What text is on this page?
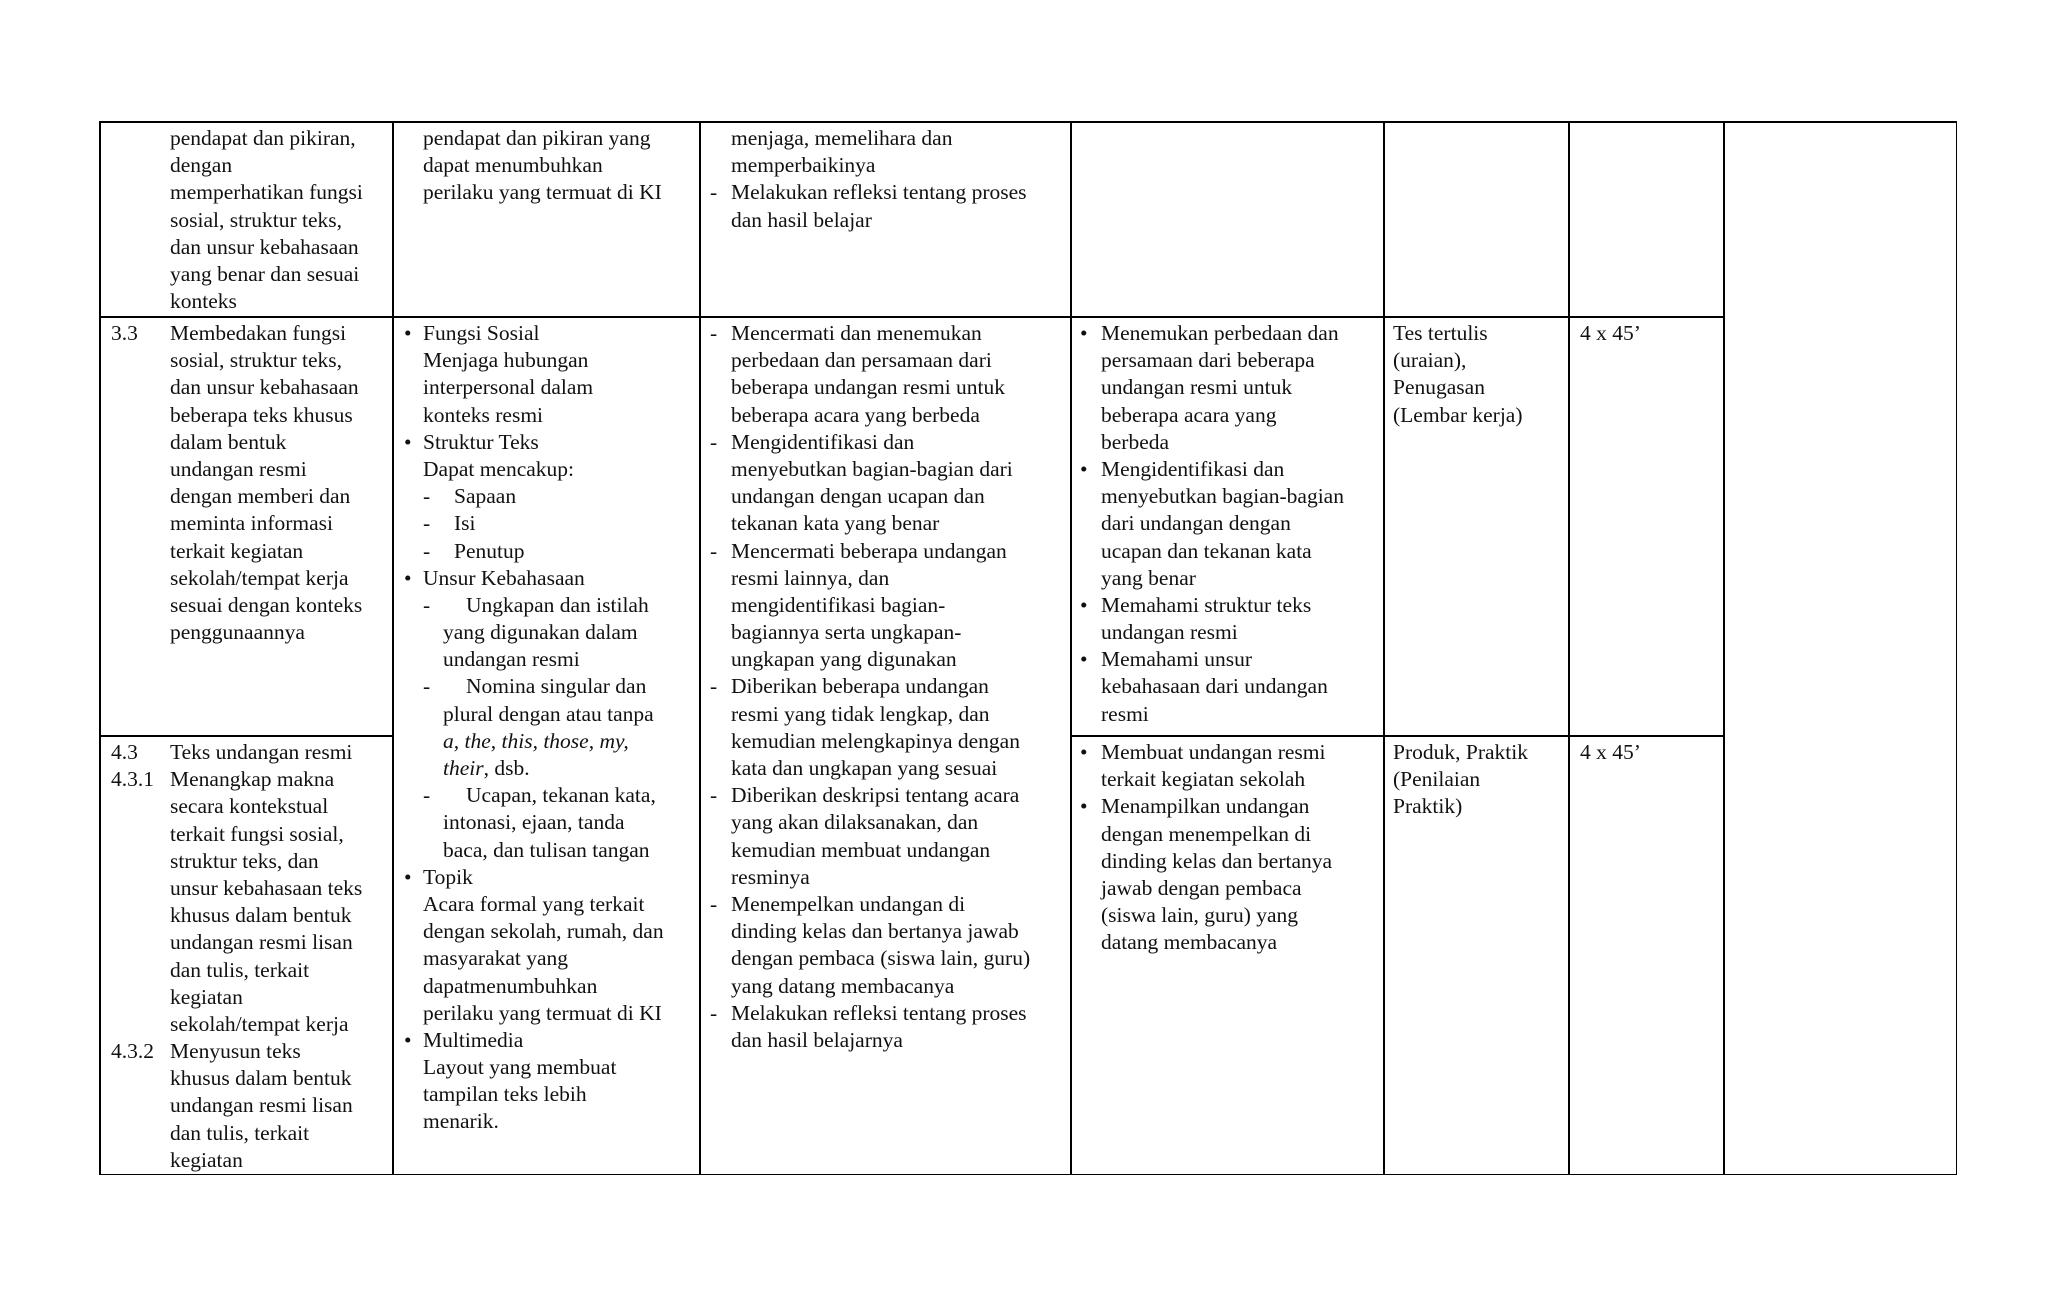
pendapat dan pikiran,
dengan
memperhatikan fungsi
sosial, struktur teks,
dan unsur kebahasaan
yang benar dan sesuai
konteks
pendapat dan pikiran yang
dapat menumbuhkan
perilaku yang termuat di KI
menjaga, memelihara dan
memperbaikinya
- Melakukan refleksi tentang proses
dan hasil belajar
3.3 Membedakan fungsi
sosial, struktur teks,
dan unsur kebahasaan
beberapa teks khusus
dalam bentuk
undangan resmi
dengan memberi dan
meminta informasi
terkait kegiatan
sekolah/tempat kerja
sesuai dengan konteks
penggunaannya
4.3 Teks undangan resmi
4.3.1 Menangkap makna
secara kontekstual
terkait fungsi sosial,
struktur teks, dan
unsur kebahasaan teks
khusus dalam bentuk
undangan resmi lisan
dan tulis, terkait
kegiatan
sekolah/tempat kerja
4.3.2 Menyusun teks
khusus dalam bentuk
undangan resmi lisan
dan tulis, terkait
kegiatan
• Fungsi Sosial
Menjaga hubungan
interpersonal dalam
konteks resmi
• Struktur Teks
Dapat mencakup:
- Sapaan
- Isi
- Penutup
• Unsur Kebahasaan
- Ungkapan dan istilah
yang digunakan dalam
undangan resmi
- Nomina singular dan
plural dengan atau tanpa
a, the, this, those, my,
their, dsb.
- Ucapan, tekanan kata,
intonasi, ejaan, tanda
baca, dan tulisan tangan
• Topik
Acara formal yang terkait
dengan sekolah, rumah, dan
masyarakat yang
dapatmenumbuhkan
perilaku yang termuat di KI
• Multimedia
Layout yang membuat
tampilan teks lebih
menarik.
- Mencermati dan menemukan
perbedaan dan persamaan dari
beberapa undangan resmi untuk
beberapa acara yang berbeda
- Mengidentifikasi dan
menyebutkan bagian-bagian dari
undangan dengan ucapan dan
tekanan kata yang benar
- Mencermati beberapa undangan
resmi lainnya, dan
mengidentifikasi bagian-
bagiannya serta ungkapan-
ungkapan yang digunakan
- Diberikan beberapa undangan
resmi yang tidak lengkap, dan
kemudian melengkapinya dengan
kata dan ungkapan yang sesuai
- Diberikan deskripsi tentang acara
yang akan dilaksanakan, dan
kemudian membuat undangan
resminya
- Menempelkan undangan di
dinding kelas dan bertanya jawab
dengan pembaca (siswa lain, guru)
yang datang membacanya
- Melakukan refleksi tentang proses
dan hasil belajarnya
• Menemukan perbedaan dan
persamaan dari beberapa
undangan resmi untuk
beberapa acara yang
berbeda
• Mengidentifikasi dan
menyebutkan bagian-bagian
dari undangan dengan
ucapan dan tekanan kata
yang benar
• Memahami struktur teks
undangan resmi
• Memahami unsur
kebahasaan dari undangan
resmi
• Membuat undangan resmi
terkait kegiatan sekolah
• Menampilkan undangan
dengan menempelkan di
dinding kelas dan bertanya
jawab dengan pembaca
(siswa lain, guru) yang
datang membacanya
Tes tertulis
(uraian),
Penugasan
(Lembar kerja)
Produk, Praktik
(Penilaian
Praktik)
4 x 45’
4 x 45’
